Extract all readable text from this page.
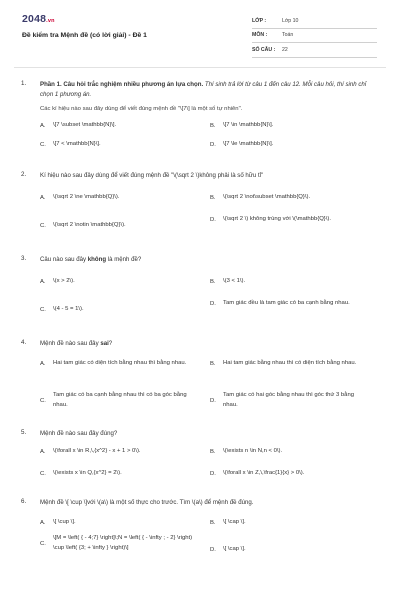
2048.vn
Đề kiểm tra Mệnh đề (có lời giải) - Đề 1
LỚP :	Lớp 10
MÔN :	Toán
SỐ CÂU :	22
1. Phần 1. Câu hỏi trắc nghiệm nhiều phương án lựa chọn. Thí sinh trả lời từ câu 1 đến câu 12. Mỗi câu hỏi, thí sinh chỉ chọn 1 phương án.
Các kí hiệu nào sau đây dùng để viết đúng mệnh đề "\[7\] là một số tự nhiên".
A.	\[7 \subset \mathbb{N}\].	B.	\[7 \in \mathbb{N}\].
C.	\[7 < \mathbb{N}\].	D.	\[7 \le \mathbb{N}\].
2. Kí hiệu nào sau đây dùng để viết đúng mệnh đề "\(\sqrt 2 \)không phải là số hữu tỉ"
A.	\(\sqrt 2 \ne \mathbb{Q}\).	B.	\(\sqrt 2 \not\subset \mathbb{Q}\).
C.	\(\sqrt 2 \notin \mathbb{Q}\).
D.	\(\sqrt 2 \) không trùng với \(\mathbb{Q}\).
3. Câu nào sau đây không là mệnh đề?
A.	\(x > 2\).	B.	\(3 < 1\).
C.	\(4 - 5 = 1\).
D.	Tam giác đều là tam giác có ba cạnh bằng nhau.
4. Mệnh đề nào sau đây sai?
A.	Hai tam giác có diện tích bằng nhau thì bằng nhau.	B.	Hai tam giác bằng nhau thì có diện tích bằng nhau.
C.
Tam giác có ba cạnh bằng nhau thì có ba góc bằng nhau.
D.
Tam giác có hai góc bằng nhau thì góc thứ 3 bằng nhau.
5. Mệnh đề nào sau đây đúng?
A.	\(\forall x \in R,\,{x^2} - x + 1 > 0\).	B.	\(\exists n \in N,n < 0\).
C.	\(\exists x \in Q,{x^2} = 2\).	D.	\(\forall x \in Z,\,\frac{1}{x} > 0\).
6. Mệnh đề \[ \cup \]với \(a\) là một số thực cho trước. Tìm \(a\) để mệnh đề đúng.
A.	\[ \cup \].	B.	\[ \cap \].
C.
\[M = \left( { - 4;7} \right]\;N = \left( { - \infty ; - 2} \right) \cup \left( {3; + \infty } \right)\]	D.	\[ \cap \].
